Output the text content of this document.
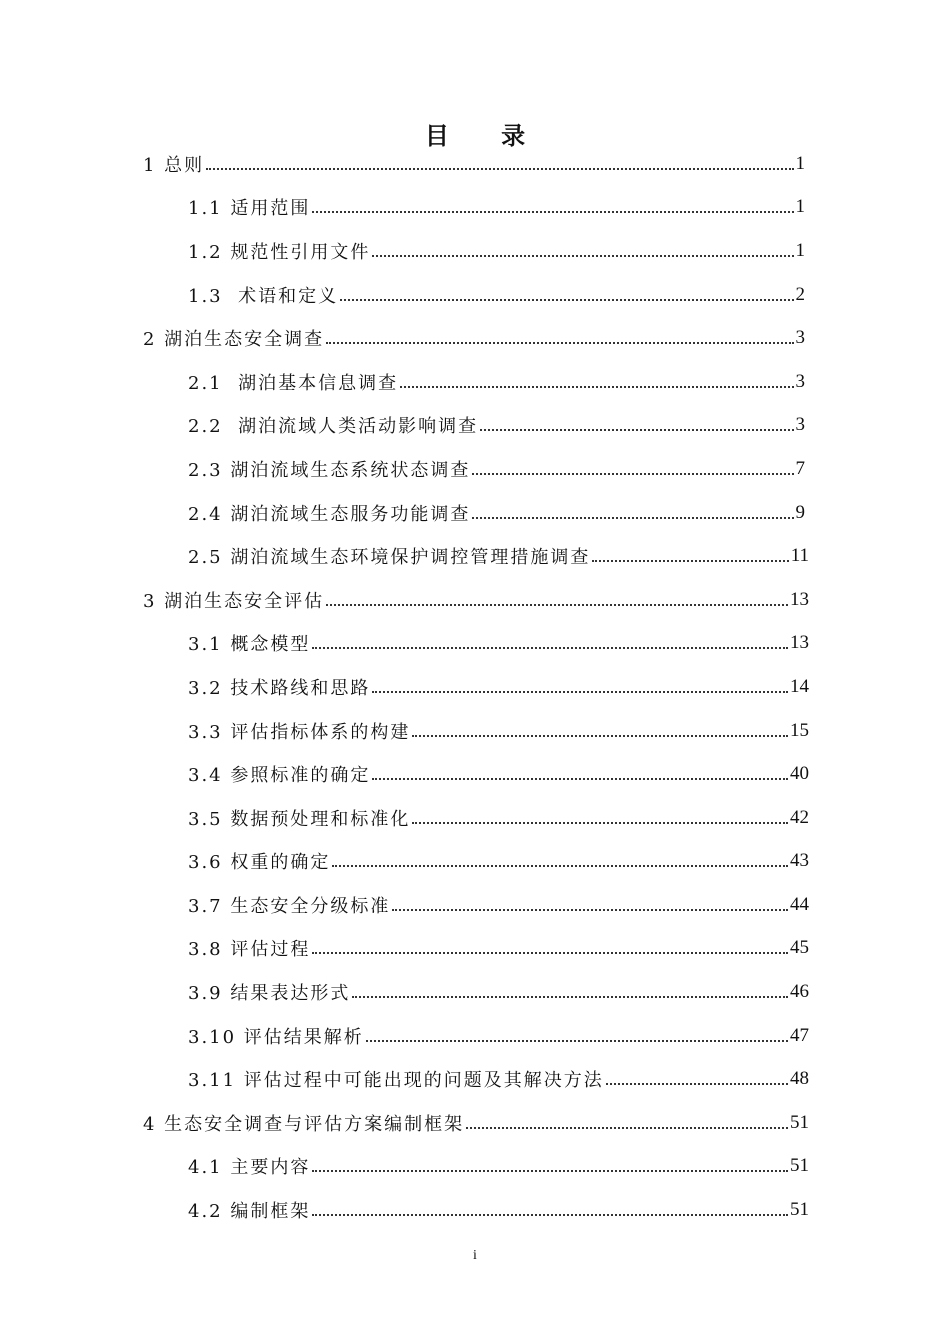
目 录
1 总则	1
1.1 适用范围	1
1.2 规范性引用文件	1
1.3  术语和定义	2
2 湖泊生态安全调查	3
2.1  湖泊基本信息调查	3
2.2  湖泊流域人类活动影响调查	3
2.3 湖泊流域生态系统状态调查	7
2.4 湖泊流域生态服务功能调查	9
2.5 湖泊流域生态环境保护调控管理措施调查	11
3 湖泊生态安全评估	13
3.1 概念模型	13
3.2 技术路线和思路	14
3.3 评估指标体系的构建	15
3.4 参照标准的确定	40
3.5 数据预处理和标准化	42
3.6 权重的确定	43
3.7 生态安全分级标准	44
3.8 评估过程	45
3.9 结果表达形式	46
3.10 评估结果解析	47
3.11 评估过程中可能出现的问题及其解决方法	48
4 生态安全调查与评估方案编制框架	51
4.1 主要内容	51
4.2 编制框架	51
i
